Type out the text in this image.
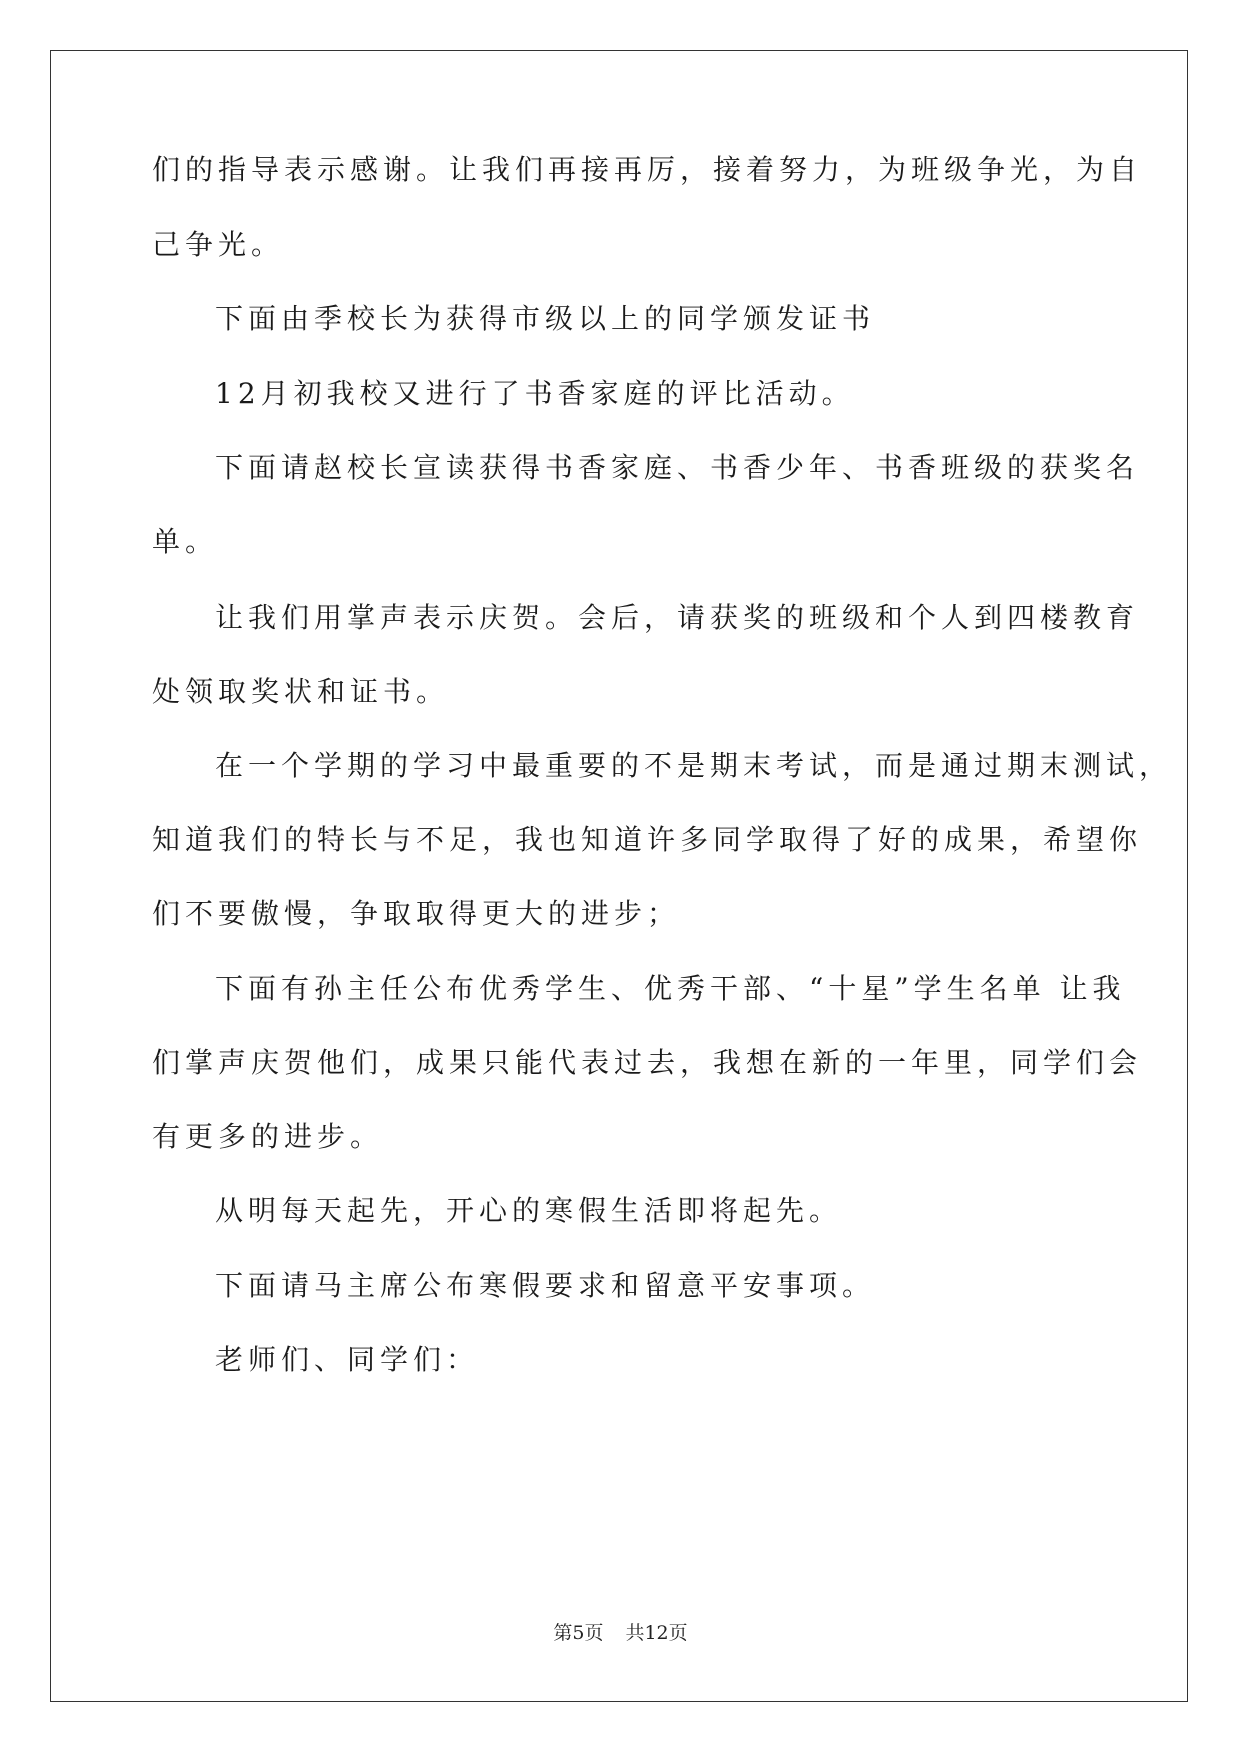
们的指导表示感谢。让我们再接再厉，接着努力，为班级争光，为自
己争光。
下面由季校长为获得市级以上的同学颁发证书
12月初我校又进行了书香家庭的评比活动。
下面请赵校长宣读获得书香家庭、书香少年、书香班级的获奖名
单。
让我们用掌声表示庆贺。会后，请获奖的班级和个人到四楼教育
处领取奖状和证书。
在一个学期的学习中最重要的不是期末考试，而是通过期末测试，
知道我们的特长与不足，我也知道许多同学取得了好的成果，希望你
们不要傲慢，争取取得更大的进步；
下面有孙主任公布优秀学生、优秀干部、“十星”学生名单 让我
们掌声庆贺他们，成果只能代表过去，我想在新的一年里，同学们会
有更多的进步。
从明每天起先，开心的寒假生活即将起先。
下面请马主席公布寒假要求和留意平安事项。
老师们、同学们：
第5页 共12页
